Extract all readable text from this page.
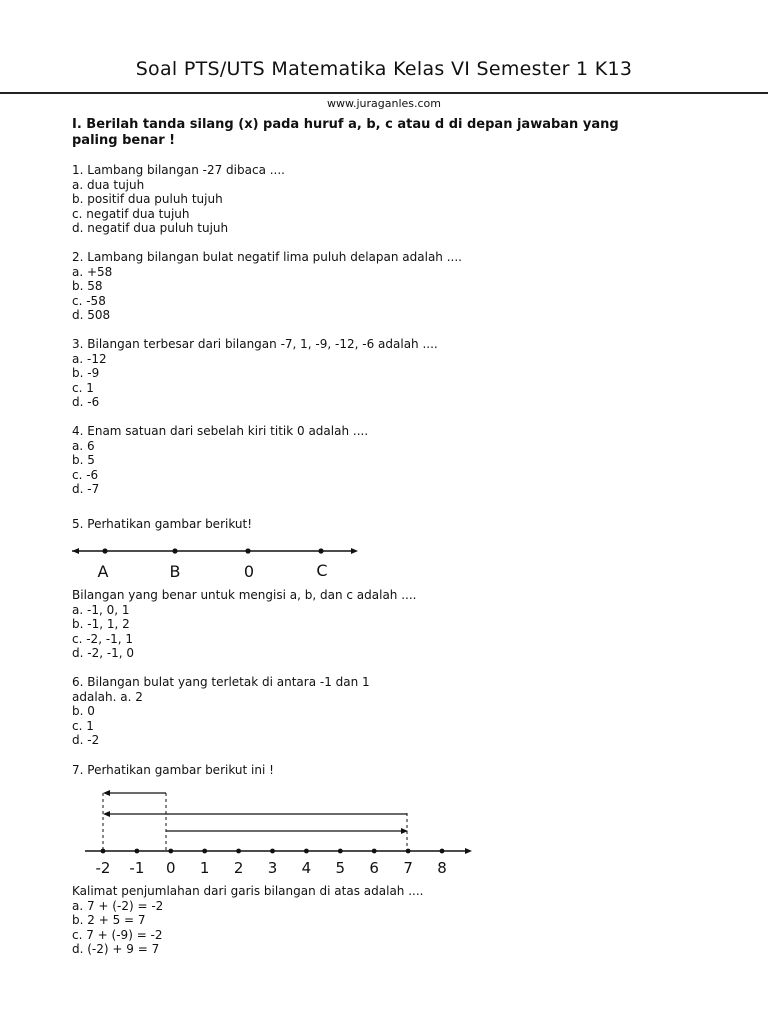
Soal PTS/UTS Matematika Kelas VI Semester 1 K13
www.juraganles.com
I. Berilah tanda silang (x) pada huruf a, b, c atau d di depan jawaban yang paling benar !
1. Lambang bilangan -27 dibaca ....
a. dua tujuh
b. positif dua puluh tujuh
c. negatif dua tujuh
d. negatif dua puluh tujuh
2. Lambang bilangan bulat negatif lima puluh delapan adalah ....
a. +58
b. 58
c. -58
d. 508
3. Bilangan terbesar dari bilangan -7, 1, -9, -12, -6 adalah ....
a. -12
b. -9
c. 1
d. -6
4. Enam satuan dari sebelah kiri titik 0 adalah ....
a. 6
b. 5
c. -6
d. -7
5. Perhatikan gambar berikut!
A	B	0	C
Bilangan yang benar untuk mengisi a, b, dan c adalah ....
a. -1, 0, 1
b. -1, 1, 2
c. -2, -1, 1
d. -2, -1, 0
6. Bilangan bulat yang terletak di antara -1 dan 1
adalah. a. 2
b. 0
c. 1
d. -2
7. Perhatikan gambar berikut ini !
-2 -1 0 1 2 3 4 5 6 7 8
Kalimat penjumlahan dari garis bilangan di atas adalah ....
a. 7 + (-2) = -2
b. 2 + 5 = 7
c. 7 + (-9) = -2
d. (-2) + 9 = 7
